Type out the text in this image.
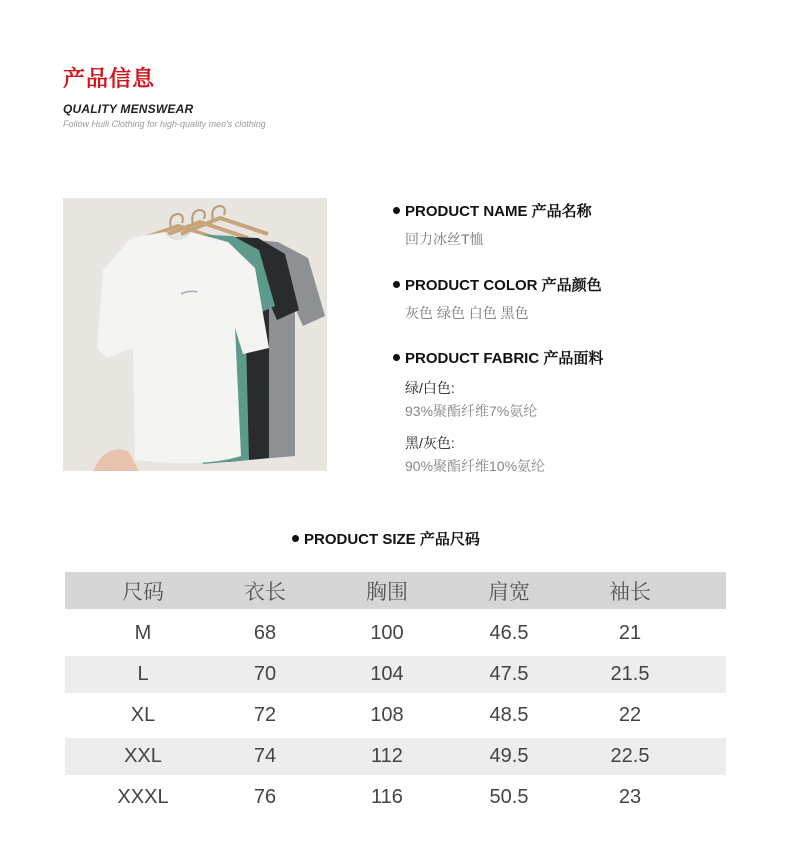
产品信息
QUALITY MENSWEAR
Follow Huili Clothing for high-quality men's clothing
PRODUCT NAME 产品名称
回力冰丝T恤
PRODUCT COLOR 产品颜色
灰色 绿色 白色 黑色
PRODUCT FABRIC 产品面料
绿/白色:
93%聚酯纤维7%氨纶
黑/灰色:
90%聚酯纤维10%氨纶
PRODUCT SIZE 产品尺码
尺码	衣长	胸围	肩宽	袖长
M	68	100	46.5	21
L	70	104	47.5	21.5
XL	72	108	48.5	22
XXL	74	112	49.5	22.5
XXXL	76	116	50.5	23
